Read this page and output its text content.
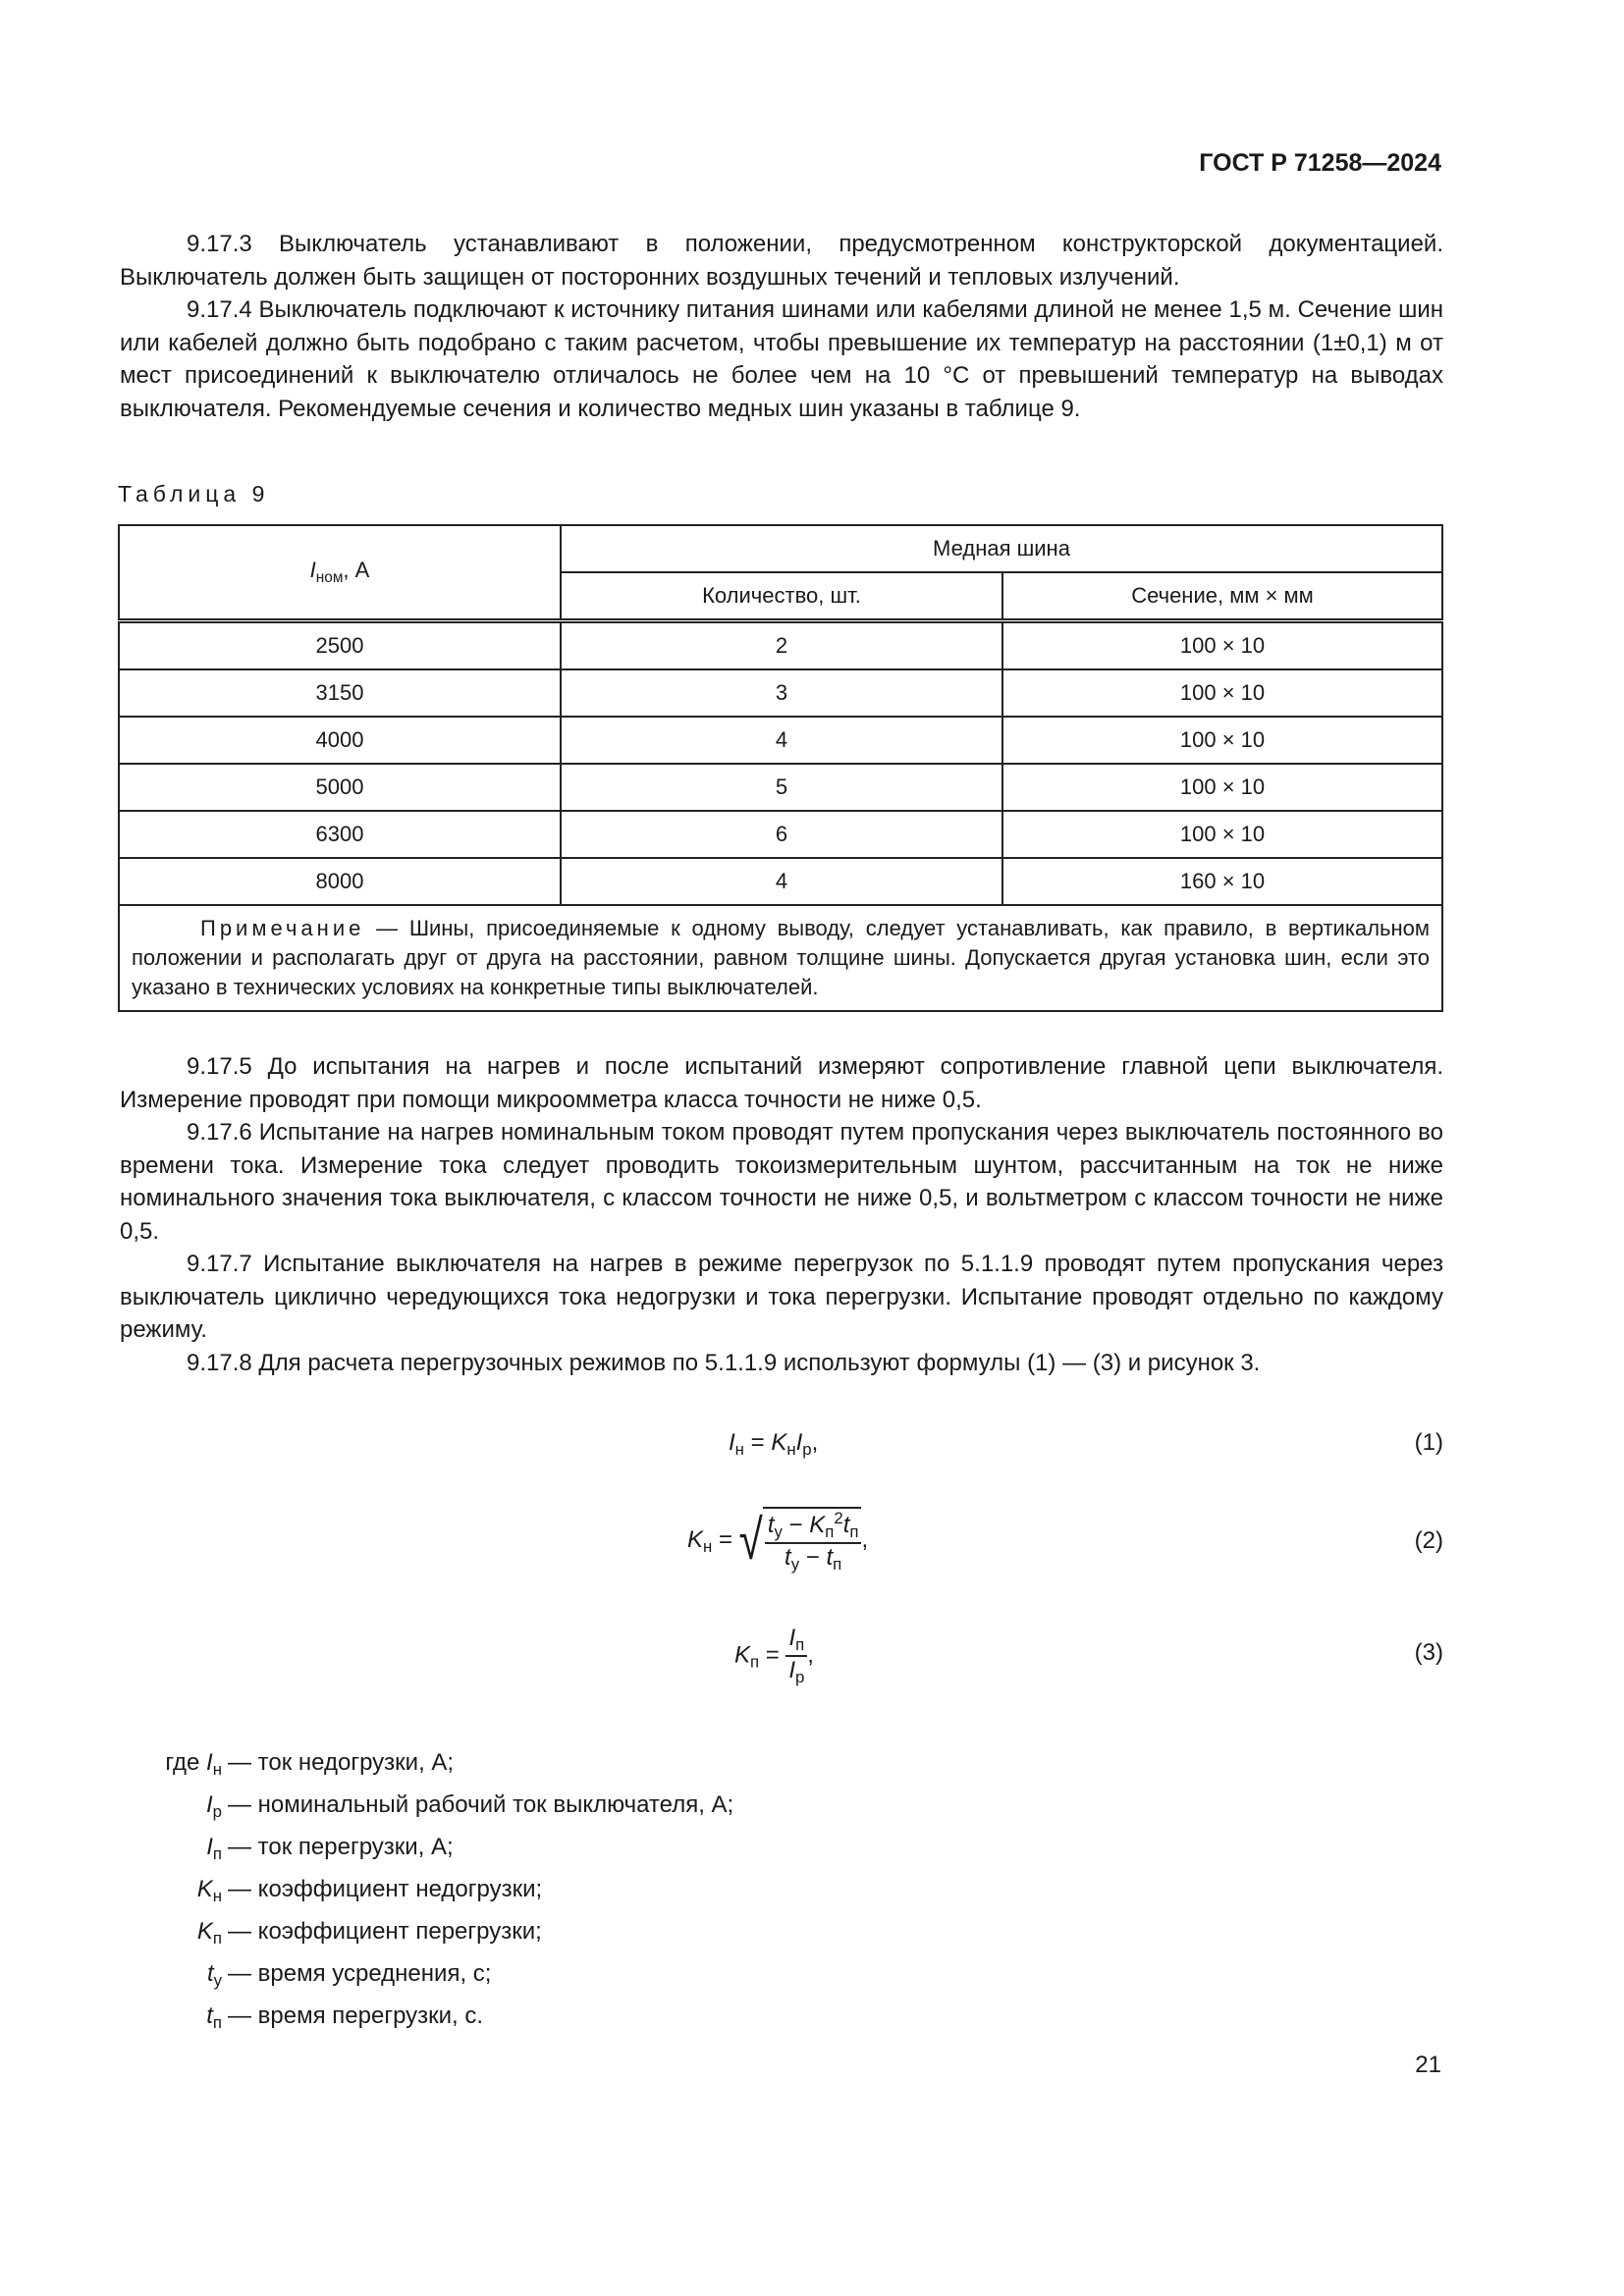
ГОСТ Р 71258—2024

9.17.3 Выключатель устанавливают в положении, предусмотренном конструкторской документацией. Выключатель должен быть защищен от посторонних воздушных течений и тепловых излучений.

9.17.4 Выключатель подключают к источнику питания шинами или кабелями длиной не менее 1,5 м. Сечение шин или кабелей должно быть подобрано с таким расчетом, чтобы превышение их температур на расстоянии (1±0,1) м от мест присоединений к выключателю отличалось не более чем на 10 °С от превышений температур на выводах выключателя. Рекомендуемые сечения и количество медных шин указаны в таблице 9.

Таблица 9
$I_{ном}$, А	Медная шина	
	Количество, шт.	Сечение, мм × мм
2500	2	100 × 10
3150	3	100 × 10
4000	4	100 × 10
5000	5	100 × 10
6300	6	100 × 10
8000	4	160 × 10
Примечание — Шины, присоединяемые к одному выводу, следует устанавливать, как правило, в вертикальном положении и располагать друг от друга на расстоянии, равном толщине шины. Допускается другая установка шин, если это указано в технических условиях на конкретные типы выключателей.		

9.17.5 До испытания на нагрев и после испытаний измеряют сопротивление главной цепи выключателя. Измерение проводят при помощи микроомметра класса точности не ниже 0,5.

9.17.6 Испытание на нагрев номинальным током проводят путем пропускания через выключатель постоянного во времени тока. Измерение тока следует проводить токоизмерительным шунтом, рассчитанным на ток не ниже номинального значения тока выключателя, с классом точности не ниже 0,5, и вольтметром с классом точности не ниже 0,5.

9.17.7 Испытание выключателя на нагрев в режиме перегрузок по 5.1.1.9 проводят путем пропускания через выключатель циклично чередующихся тока недогрузки и тока перегрузки. Испытание проводят отдельно по каждому режиму.

9.17.8 Для расчета перегрузочных режимов по 5.1.1.9 используют формулы (1) — (3) и рисунок 3.

$I_н = K_нI_р$,	(1)
$K_н$ = √ $\frac{t_у - K_п^2t_п}{t_у - t_п}$ ,	(2)
$K_п = \frac{I_п}{I_р}$ ,	(3)
где $I_н$ — ток недогрузки, А;
$I_р$ — номинальный рабочий ток выключателя, А;
$I_п$ — ток перегрузки, А;
$K_н$ — коэффициент недогрузки;
$K_п$ — коэффициент перегрузки;
$t_у$ — время усреднения, с;
$t_п$ — время перегрузки, с.
21
